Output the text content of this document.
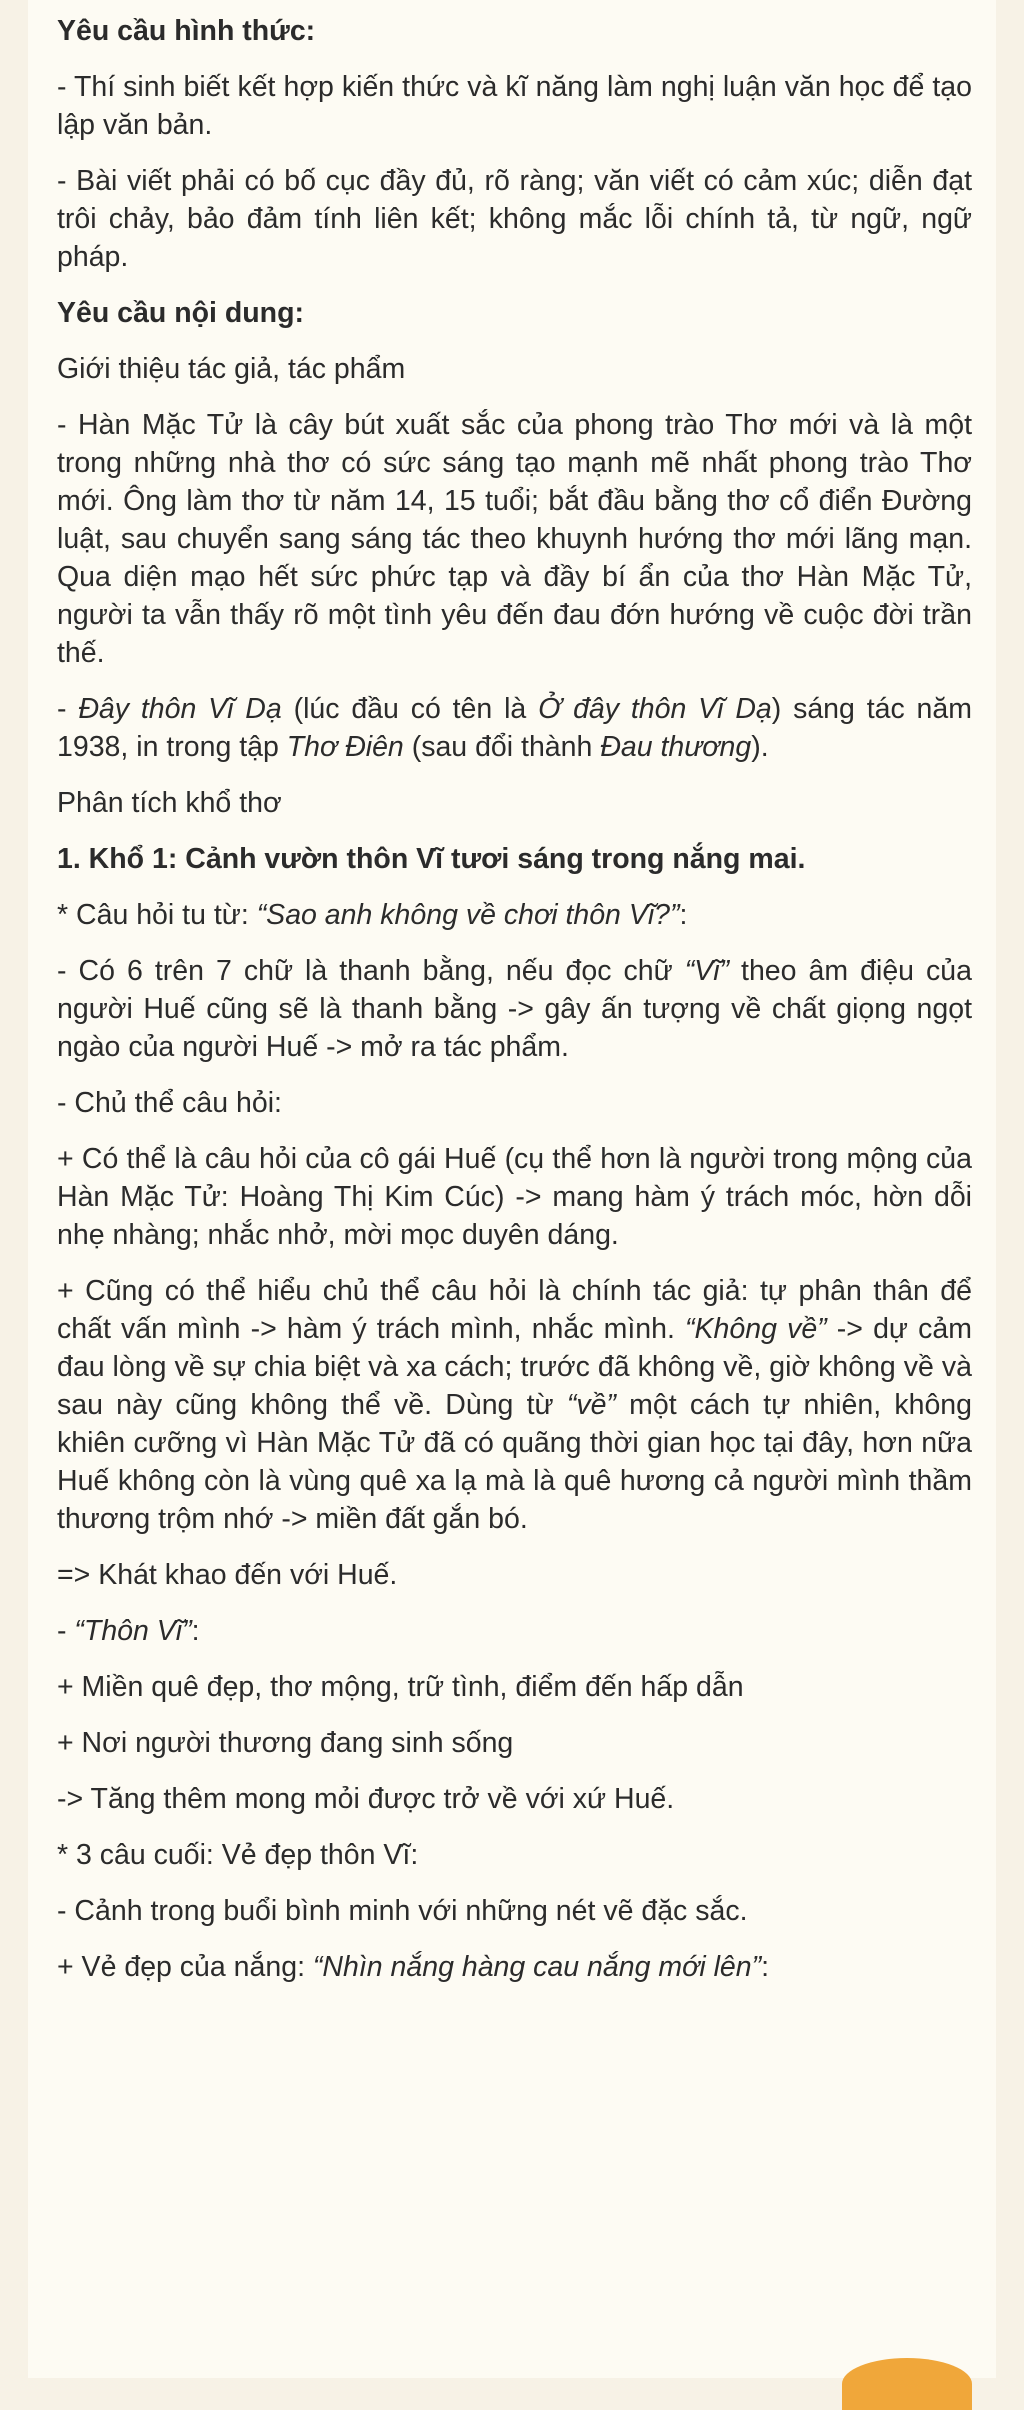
Yêu cầu hình thức:

- Thí sinh biết kết hợp kiến thức và kĩ năng làm nghị luận văn học để tạo lập văn bản.

- Bài viết phải có bố cục đầy đủ, rõ ràng; văn viết có cảm xúc; diễn đạt trôi chảy, bảo đảm tính liên kết; không mắc lỗi chính tả, từ ngữ, ngữ pháp.

Yêu cầu nội dung:

Giới thiệu tác giả, tác phẩm

- Hàn Mặc Tử là cây bút xuất sắc của phong trào Thơ mới và là một trong những nhà thơ có sức sáng tạo mạnh mẽ nhất phong trào Thơ mới. Ông làm thơ từ năm 14, 15 tuổi; bắt đầu bằng thơ cổ điển Đường luật, sau chuyển sang sáng tác theo khuynh hướng thơ mới lãng mạn. Qua diện mạo hết sức phức tạp và đầy bí ẩn của thơ Hàn Mặc Tử, người ta vẫn thấy rõ một tình yêu đến đau đớn hướng về cuộc đời trần thế.

- Đây thôn Vĩ Dạ (lúc đầu có tên là Ở đây thôn Vĩ Dạ) sáng tác năm 1938, in trong tập Thơ Điên (sau đổi thành Đau thương).

Phân tích khổ thơ

1. Khổ 1: Cảnh vườn thôn Vĩ tươi sáng trong nắng mai.

* Câu hỏi tu từ: “Sao anh không về chơi thôn Vĩ?”:

- Có 6 trên 7 chữ là thanh bằng, nếu đọc chữ “Vĩ” theo âm điệu của người Huế cũng sẽ là thanh bằng -> gây ấn tượng về chất giọng ngọt ngào của người Huế -> mở ra tác phẩm.

- Chủ thể câu hỏi:

+ Có thể là câu hỏi của cô gái Huế (cụ thể hơn là người trong mộng của Hàn Mặc Tử: Hoàng Thị Kim Cúc) -> mang hàm ý trách móc, hờn dỗi nhẹ nhàng; nhắc nhở, mời mọc duyên dáng.

+ Cũng có thể hiểu chủ thể câu hỏi là chính tác giả: tự phân thân để chất vấn mình -> hàm ý trách mình, nhắc mình. “Không về” -> dự cảm đau lòng về sự chia biệt và xa cách; trước đã không về, giờ không về và sau này cũng không thể về. Dùng từ “về” một cách tự nhiên, không khiên cưỡng vì Hàn Mặc Tử đã có quãng thời gian học tại đây, hơn nữa Huế không còn là vùng quê xa lạ mà là quê hương cả người mình thầm thương trộm nhớ -> miền đất gắn bó.

=> Khát khao đến với Huế.

- “Thôn Vĩ”:

+ Miền quê đẹp, thơ mộng, trữ tình, điểm đến hấp dẫn

+ Nơi người thương đang sinh sống

-> Tăng thêm mong mỏi được trở về với xứ Huế.

* 3 câu cuối: Vẻ đẹp thôn Vĩ:

- Cảnh trong buổi bình minh với những nét vẽ đặc sắc.

+ Vẻ đẹp của nắng: “Nhìn nắng hàng cau nắng mới lên”:
